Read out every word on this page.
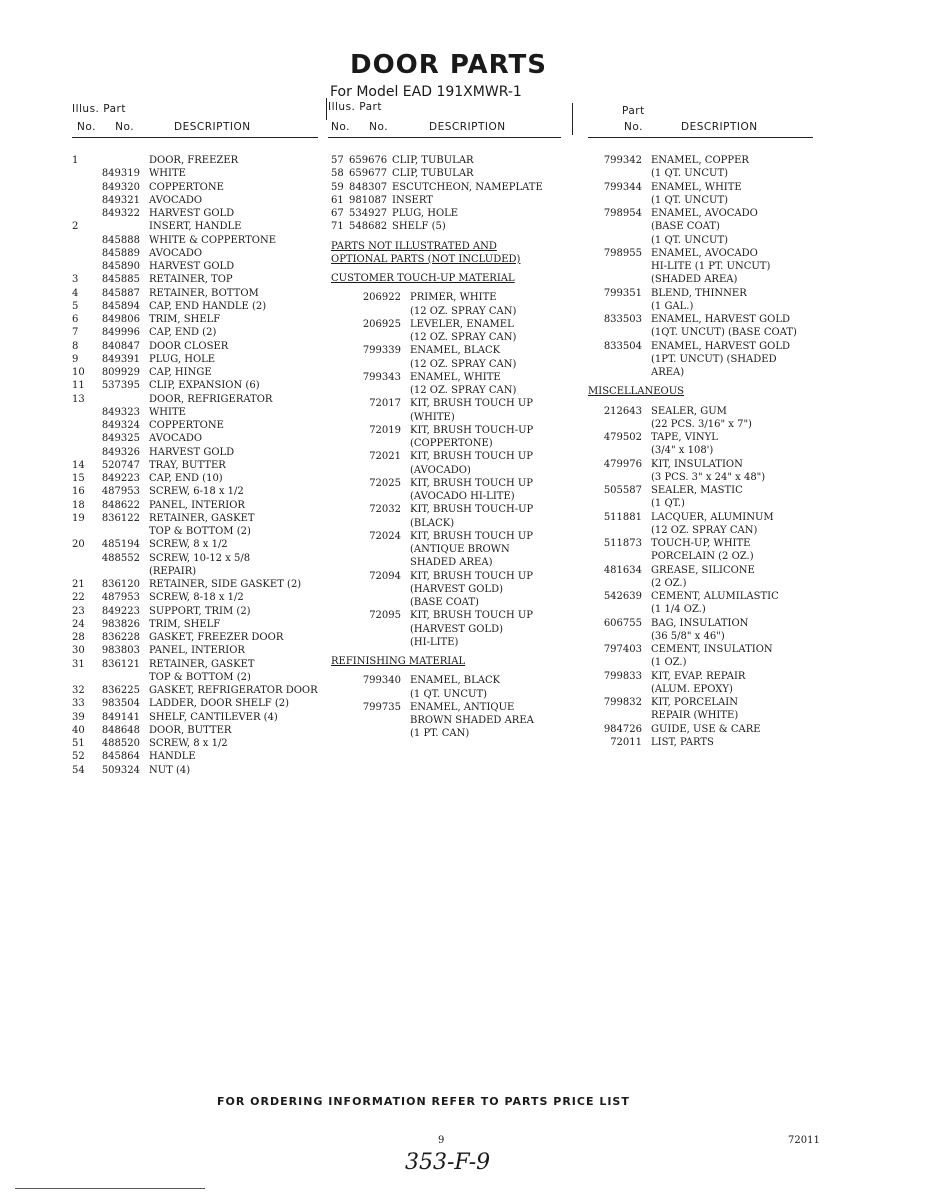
DOOR PARTS
For Model EAD 191XMWR-1
Illus. Part
No.     No.	DESCRIPTION
Illus. Part
No.     No.	DESCRIPTION
Part
No.	DESCRIPTION
1	DOOR, FREEZER
849319 WHITE
849320 COPPERTONE
849321 AVOCADO
849322 HARVEST GOLD
2	INSERT, HANDLE
845888 WHITE & COPPERTONE
845889 AVOCADO
845890 HARVEST GOLD
3	845885 RETAINER, TOP
4	845887 RETAINER, BOTTOM
5	845894 CAP, END HANDLE (2)
6	849806 TRIM, SHELF
7	849996 CAP, END (2)
8	840847 DOOR CLOSER
9	849391 PLUG, HOLE
10	809929 CAP, HINGE
11	537395 CLIP, EXPANSION (6)
13	DOOR, REFRIGERATOR
849323 WHITE
849324 COPPERTONE
849325 AVOCADO
849326 HARVEST GOLD
14	520747 TRAY, BUTTER
15	849223 CAP, END (10)
16	487953 SCREW, 6-18 x 1/2
18	848622 PANEL, INTERIOR
19	836122 RETAINER, GASKET
TOP & BOTTOM (2)
20	485194 SCREW, 8 x 1/2
488552 SCREW, 10-12 x 5/8
(REPAIR)
21	836120 RETAINER, SIDE GASKET (2)
22	487953 SCREW, 8-18 x 1/2
23	849223 SUPPORT, TRIM (2)
24	983826 TRIM, SHELF
28	836228 GASKET, FREEZER DOOR
30	983803 PANEL, INTERIOR
31	836121 RETAINER, GASKET
TOP & BOTTOM (2)
32	836225 GASKET, REFRIGERATOR DOOR
33	983504 LADDER, DOOR SHELF (2)
39	849141 SHELF, CANTILEVER (4)
40	848648 DOOR, BUTTER
51	488520 SCREW, 8 x 1/2
52	845864 HANDLE
54	509324 NUT (4)
57 659676 CLIP, TUBULAR
58 659677 CLIP, TUBULAR
59 848307 ESCUTCHEON, NAMEPLATE
61 981087 INSERT
67 534927 PLUG, HOLE
71 548682 SHELF (5)
PARTS NOT ILLUSTRATED AND
OPTIONAL PARTS (NOT INCLUDED)
CUSTOMER TOUCH-UP MATERIAL
206922 PRIMER, WHITE
(12 OZ. SPRAY CAN)
206925 LEVELER, ENAMEL
(12 OZ. SPRAY CAN)
799339 ENAMEL, BLACK
(12 OZ. SPRAY CAN)
799343 ENAMEL, WHITE
(12 OZ. SPRAY CAN)
72017 KIT, BRUSH TOUCH UP
(WHITE)
72019 KIT, BRUSH TOUCH-UP
(COPPERTONE)
72021 KIT, BRUSH TOUCH UP
(AVOCADO)
72025 KIT, BRUSH TOUCH UP
(AVOCADO HI-LITE)
72032 KIT, BRUSH TOUCH-UP
(BLACK)
72024 KIT, BRUSH TOUCH UP
(ANTIQUE BROWN
SHADED AREA)
72094 KIT, BRUSH TOUCH UP
(HARVEST GOLD)
(BASE COAT)
72095 KIT, BRUSH TOUCH UP
(HARVEST GOLD)
(HI-LITE)
REFINISHING MATERIAL
799340 ENAMEL, BLACK
(1 QT. UNCUT)
799735 ENAMEL, ANTIQUE
BROWN SHADED AREA
(1 PT. CAN)
799342 ENAMEL, COPPER
(1 QT. UNCUT)
799344 ENAMEL, WHITE
(1 QT. UNCUT)
798954 ENAMEL, AVOCADO
(BASE COAT)
(1 QT. UNCUT)
798955 ENAMEL, AVOCADO
HI-LITE (1 PT. UNCUT)
(SHADED AREA)
799351 BLEND, THINNER
(1 GAL.)
833503 ENAMEL, HARVEST GOLD
(1QT. UNCUT) (BASE COAT)
833504 ENAMEL, HARVEST GOLD
(1PT. UNCUT) (SHADED
AREA)
MISCELLANEOUS
212643 SEALER, GUM
(22 PCS. 3/16" x 7")
479502 TAPE, VINYL
(3/4" x 108')
479976 KIT, INSULATION
(3 PCS. 3" x 24" x 48")
505587 SEALER, MASTIC
(1 QT.)
511881 LACQUER, ALUMINUM
(12 OZ. SPRAY CAN)
511873 TOUCH-UP, WHITE
PORCELAIN (2 OZ.)
481634 GREASE, SILICONE
(2 OZ.)
542639 CEMENT, ALUMILASTIC
(1 1/4 OZ.)
606755 BAG, INSULATION
(36 5/8" x 46")
797403 CEMENT, INSULATION
(1 OZ.)
799833 KIT, EVAP. REPAIR
(ALUM. EPOXY)
799832 KIT, PORCELAIN
REPAIR (WHITE)
984726 GUIDE, USE & CARE
72011 LIST, PARTS
FOR ORDERING INFORMATION REFER TO PARTS PRICE LIST
9	72011
353-F-9
